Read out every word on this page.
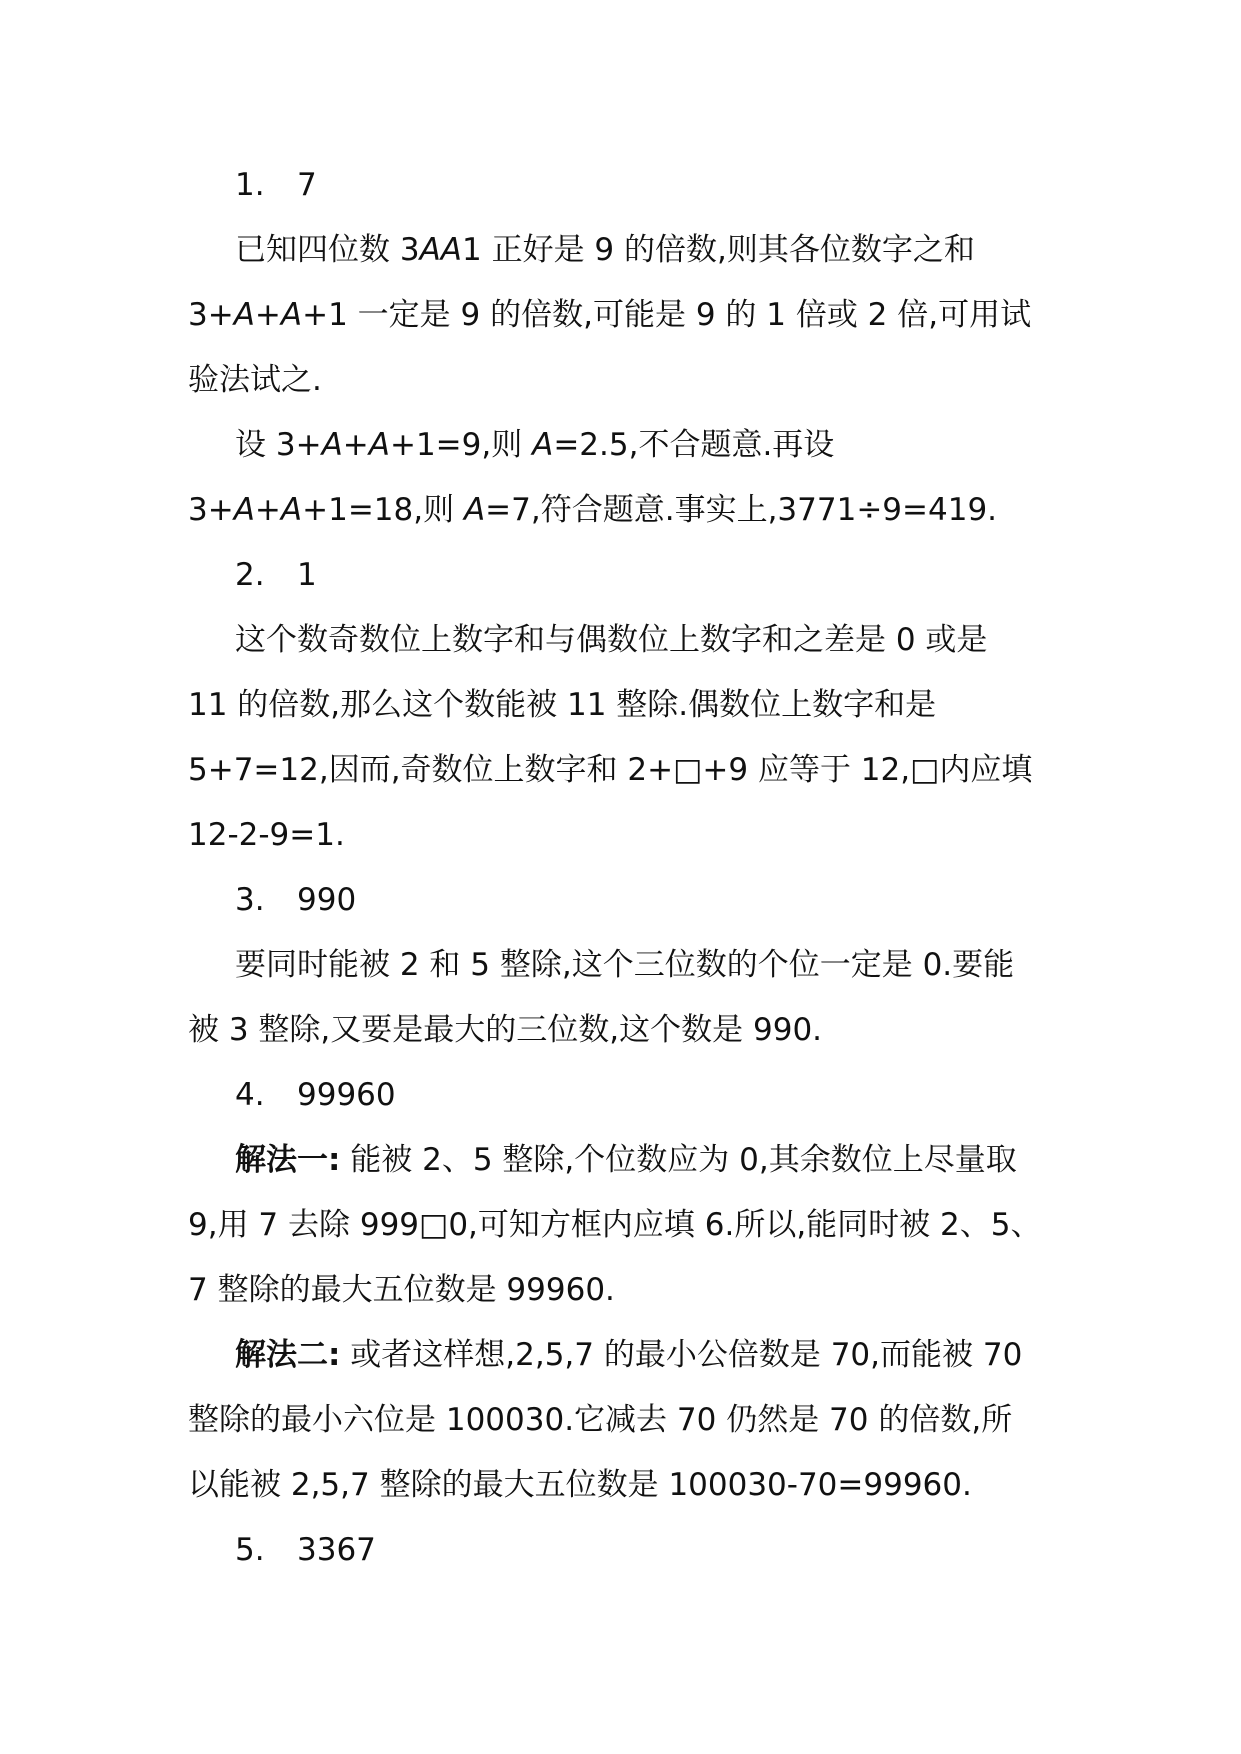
1. 7
已知四位数 3AA1 正好是 9 的倍数,则其各位数字之和
3+A+A+1 一定是 9 的倍数,可能是 9 的 1 倍或 2 倍,可用试
验法试之.
设 3+A+A+1=9,则 A=2.5,不合题意.再设
3+A+A+1=18,则 A=7,符合题意.事实上,3771÷9=419.
2. 1
这个数奇数位上数字和与偶数位上数字和之差是 0 或是
11 的倍数,那么这个数能被 11 整除.偶数位上数字和是
5+7=12,因而,奇数位上数字和 2+□+9 应等于 12,□内应填
12-2-9=1.
3. 990
要同时能被 2 和 5 整除,这个三位数的个位一定是 0.要能
被 3 整除,又要是最大的三位数,这个数是 990.
4. 99960
解法一: 能被 2、5 整除,个位数应为 0,其余数位上尽量取
9,用 7 去除 999□0,可知方框内应填 6.所以,能同时被 2、5、
7 整除的最大五位数是 99960.
解法二: 或者这样想,2,5,7 的最小公倍数是 70,而能被 70
整除的最小六位是 100030.它减去 70 仍然是 70 的倍数,所
以能被 2,5,7 整除的最大五位数是 100030-70=99960.
5. 3367
